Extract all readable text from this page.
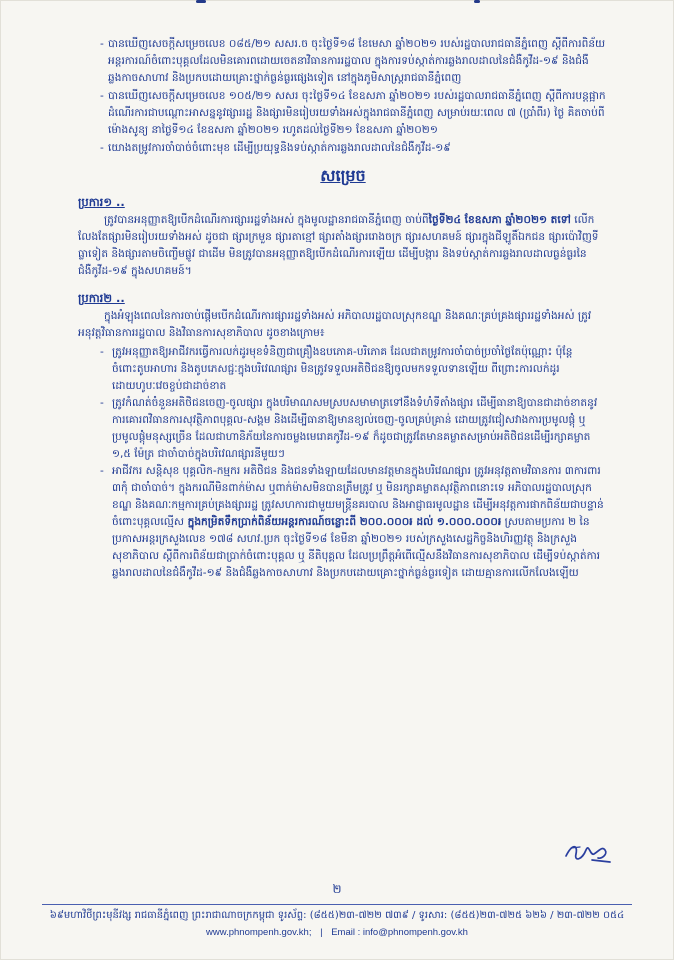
- បានឃើញសេចក្តីសម្រេចលេខ ០៨៥/២១ សសរ.ច ចុះថ្ងៃទី១៨ ខែមេសា ឆ្នាំ២០២១ របស់រដ្ឋបាលរាជធានីភ្នំពេញ ស្តីពីការពិន័យអន្តរការណ៍ចំពោះបុគ្គលដែលមិនគោរពដោយចេតនាវិធានការរដ្ឋបាល ក្នុងការទប់ស្កាត់ការឆ្លងរាលដាលនៃជំងឺកូវីដ-១៩ និងជំងឺឆ្លងកាចសាហាវ និងប្រកបដោយគ្រោះថ្នាក់ធ្ងន់ធ្ងរផ្សេងទៀត នៅក្នុងភូមិសាស្ត្ររាជធានីភ្នំពេញ
- បានឃើញសេចក្តីសម្រេចលេខ ១០៥/២១ សសរ ចុះថ្ងៃទី១៤ ខែឧសភា ឆ្នាំ២០២១ របស់រដ្ឋបាលរាជធានីភ្នំពេញ ស្តីពីការបន្តផ្អាកដំណើរការជាបណ្តោះអាសន្ននូវផ្សាររដ្ឋ និងផ្សារមិនរៀបរយទាំងអស់ក្នុងរាជធានីភ្នំពេញ សម្រាប់រយៈពេល ៧ (ប្រាំពីរ) ថ្ងៃ គិតចាប់ពីម៉ោងសូន្យ នាថ្ងៃទី១៤ ខែឧសភា ឆ្នាំ២០២១ រហូតដល់ថ្ងៃទី២១ ខែឧសភា ឆ្នាំ២០២១
- យោងតម្រូវការចាំបាច់ចំពោះមុខ ដើម្បីប្រយុទ្ធនិងទប់ស្កាត់ការឆ្លងរាលដាលនៃជំងឺកូវីដ-១៩
សម្រេច
ប្រការ១ ..

ត្រូវបានអនុញ្ញាតឱ្យបើកដំណើរការផ្សាររដ្ឋទាំងអស់ ក្នុងមូលដ្ឋានរាជធានីភ្នំពេញ ចាប់ពីថ្ងៃទី២៤ ខែឧសភា ឆ្នាំ២០២១ តទៅ លើកលែងតែផ្សារមិនរៀបរយទាំងអស់ ដូចជា ផ្សារក្រមួន ផ្សារតាខ្មៅ ផ្សារតាំងផ្សាររោងចក្រ ផ្សារសហគមន៍ ផ្សារក្នុងជីឡូតិ៍ឯកជន ផ្សារប៉ោវិញទីធ្លាទៀត និងផ្សារតាមចិញ្ចើមផ្លូវ ជាដើម មិនត្រូវបានអនុញ្ញាតឱ្យបើកដំណើរការឡើយ ដើម្បីបង្ការ និងទប់ស្កាត់ការឆ្លងរាលដាលធ្ងន់ធ្ងរនៃជំងឺកូវីដ-១៩ ក្នុងសហគមន៍។

ប្រការ២ ..

ក្នុងអំឡុងពេលនៃការចាប់ផ្តើមបើកដំណើរការផ្សាររដ្ឋទាំងអស់ អភិបាលរដ្ឋបាលស្រុកខណ្ឌ និងគណៈគ្រប់គ្រងផ្សាររដ្ឋទាំងអស់ ត្រូវអនុវត្តវិធានការរដ្ឋបាល និងវិធានការសុខាភិបាល ដូចខាងក្រោម៖

- ត្រូវអនុញ្ញាតឱ្យអាជីវករធ្វើការលក់ដូរមុខទំនិញជាគ្រឿងឧបភោគ-បរិភោគ ដែលជាតម្រូវការចាំបាច់ប្រចាំថ្ងៃតែប៉ុណ្ណោះ ប៉ុន្តែ ចំពោះតូបអាហារ និងតូបភេសជ្ជៈក្នុងបរិវេណផ្សារ មិនត្រូវទទួលអតិថិជនឱ្យចូលមកទទួលទានឡើយ ពីព្រោះការលក់ដូរដោយហូបៈវេចខ្ចប់ជាដាច់ខាត
- ត្រូវកំណត់ចំនួនអតិថិជនចេញ-ចូលផ្សារ ក្នុងបរិមាណសមស្របសមាមាត្រទៅនឹងទំហំទីតាំងផ្សារ ដើម្បីធានាឱ្យបានជាដាច់ខាតនូវការគោរពវិធានការសុវត្ថិភាពបុគ្គល-សង្គម និងដើម្បីធានាឱ្យមានខ្យល់ចេញ-ចូលគ្រប់គ្រាន់ ដោយត្រូវជៀសវាងការប្រមូលផ្តុំ ឬប្រមូលផ្តុំមនុស្សច្រើន ដែលជាហានិភ័យនៃការចម្លងមេរោគកូវីដ-១៩ ក៏ដូចជាត្រូវតែមានគម្លាតសម្រាប់អតិថិជនដើម្បីរក្សាគម្លាត ១,៥ ម៉ែត្រ ជាចាំបាច់ក្នុងបរិវេណផ្សារនីមួយៗ
- អាជីវករ សន្តិសុខ បុគ្គលិក-កម្មករ អតិថិជន និងជនទាំងឡាយដែលមានវត្តមានក្នុងបរិវេណផ្សារ ត្រូវអនុវត្តតាមវិធានការ ៣ការពារ ៣កុំ ជាចាំបាច់។ ក្នុងករណីមិនពាក់ម៉ាស ឬពាក់ម៉ាសមិនបានត្រឹមត្រូវ ឬ មិនរក្សាគម្លាតសុវត្ថិភាពនោះទេ អភិបាលរដ្ឋបាលស្រុកខណ្ឌ និងគណៈកម្មការគ្រប់គ្រងផ្សាររដ្ឋ ត្រូវសហការជាមួយមន្ត្រីនគរបាល និងអាជ្ញាធរមូលដ្ឋាន ដើម្បីអនុវត្តការផាកពិន័យជាបន្ទាន់ចំពោះបុគ្គលល្មើស ក្នុងកម្រិតទឹកប្រាក់ពិន័យអន្តរការណ៍ចន្លោះពី ២០០.០០០៛ ដល់ ១.០០០.០០០៛ ស្របតាមប្រការ ២ នៃប្រកាសអន្តរក្រសួងលេខ ១៧៨ សហវ.ប្រក ចុះថ្ងៃទី១៨ ខែមីនា ឆ្នាំ២០២១ របស់ក្រសួងសេដ្ឋកិច្ចនិងហិរញ្ញវត្ថុ និងក្រសួងសុខាភិបាល ស្តីពីការពិន័យជាប្រាក់ចំពោះបុគ្គល ឬ នីតិបុគ្គល ដែលប្រព្រឹត្តអំពើល្មើសនឹងវិធានការសុខាភិបាល ដើម្បីទប់ស្កាត់ការឆ្លងរាលដាលនៃជំងឺកូវីដ-១៩ និងជំងឺឆ្លងកាចសាហាវ និងប្រកបដោយគ្រោះថ្នាក់ធ្ងន់ធ្ងរទៀត ដោយគ្មានការលើកលែងឡើយ
២
៦៩មហាវិថីព្រះមុនីវង្ស រាជធានីភ្នំពេញ ព្រះរាជាណាចក្រកម្ពុជា ទូរស័ព្ទ: (៨៥៥)២៣-៧២២ ៧៣៩ / ទូរសារ: (៨៥៥)២៣-៧២៥ ៦២៦ / ២៣-៧២២ ០៥៤
www.phnompenh.gov.kh; | Email : info@phnompenh.gov.kh
